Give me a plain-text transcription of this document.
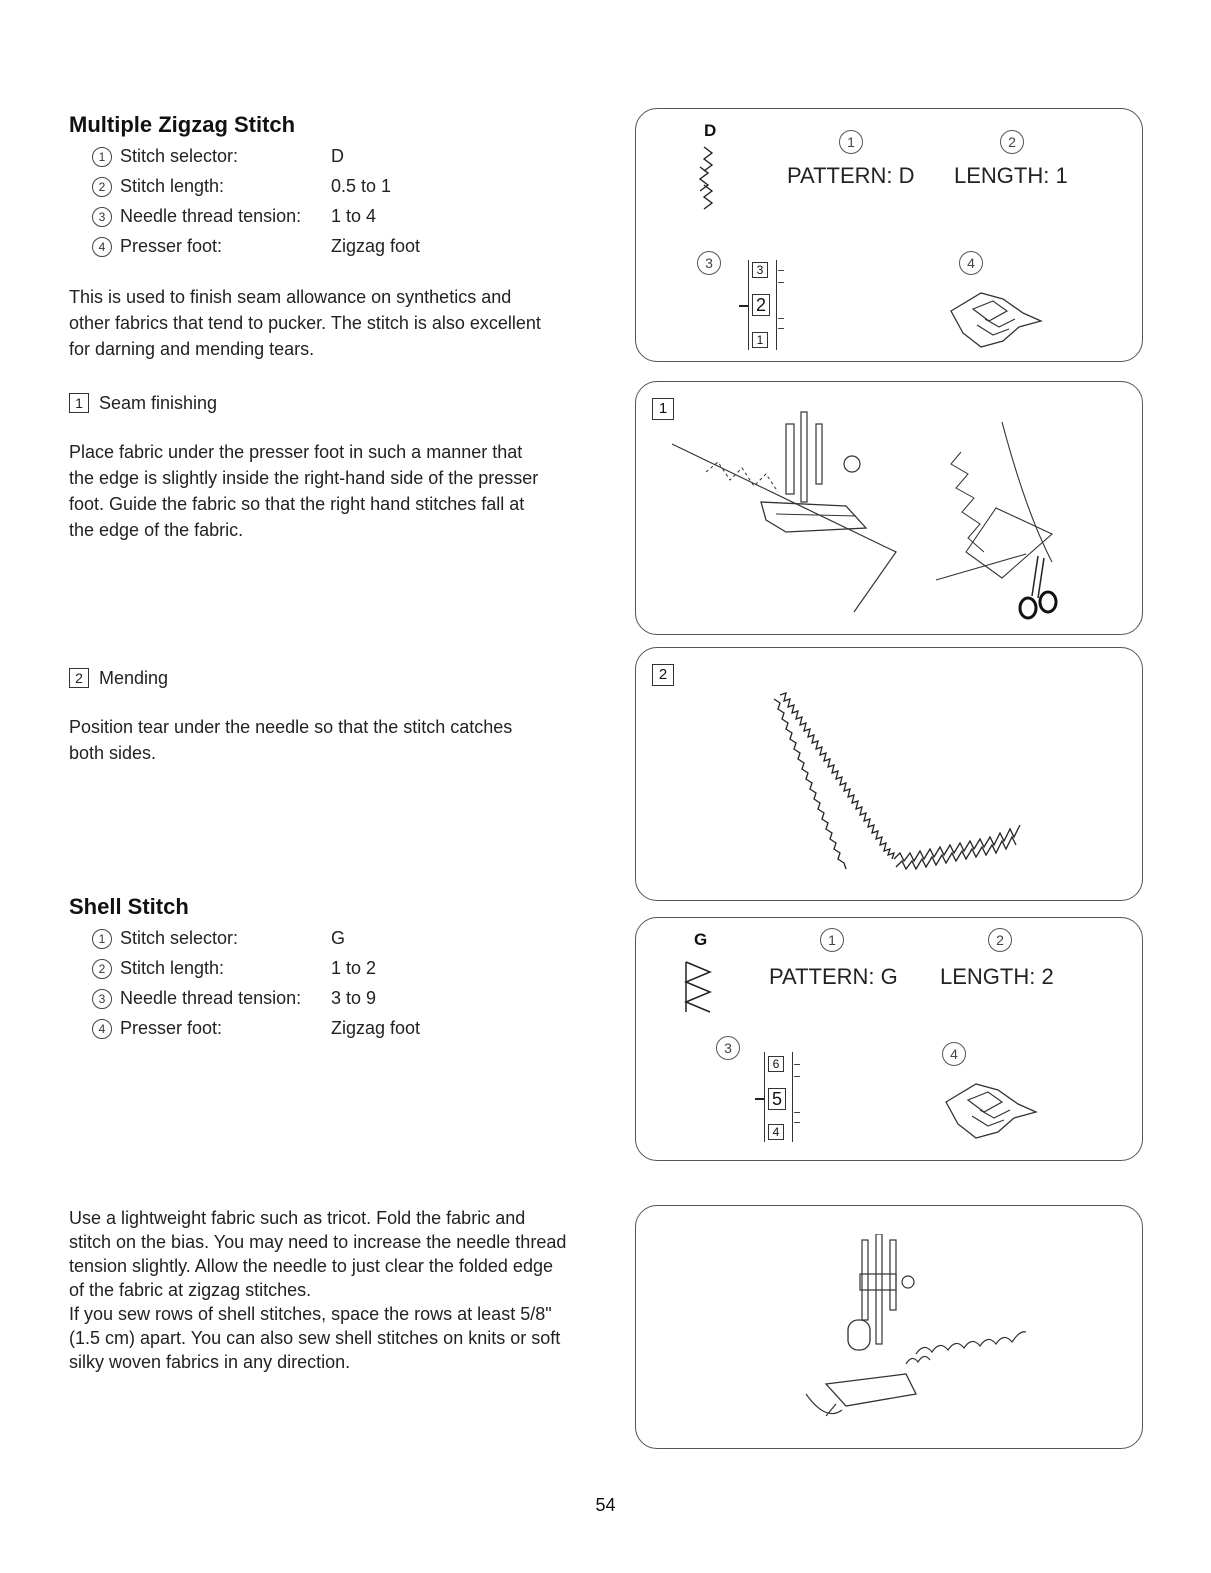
Multiple Zigzag Stitch
1 Stitch selector:	D
2 Stitch length:	0.5 to 1
3 Needle thread tension: 1 to 4
4 Presser foot:	Zigzag foot

This is used to finish seam allowance on synthetics and

other fabrics that tend to pucker. The stitch is also excellent

for darning and mending tears.

1 Seam finishing

Place fabric under the presser foot in such a manner that

the edge is slightly inside the right-hand side of the presser

foot. Guide the fabric so that the right hand stitches fall at

the edge of the fabric.

2 Mending

Position tear under the needle so that the stitch catches

both sides.

Shell Stitch
1 Stitch selector:	G
2 Stitch length:	1 to 2
3 Needle thread tension: 3 to 9
4 Presser foot:	Zigzag foot

Use a lightweight fabric such as tricot. Fold the fabric and

stitch on the bias. You may need to increase the needle thread

tension slightly. Allow the needle to just clear the folded edge

of the fabric at zigzag stitches.

If you sew rows of shell stitches, space the rows at least 5/8"

(1.5 cm) apart. You can also sew shell stitches on knits or soft

silky woven fabrics in any direction.

D
1	2
PATTERN: D LENGTH: 1
3	4
3
2
1
1
2
G	1	2
PATTERN: G LENGTH: 2
3	4
6
5
4
54
